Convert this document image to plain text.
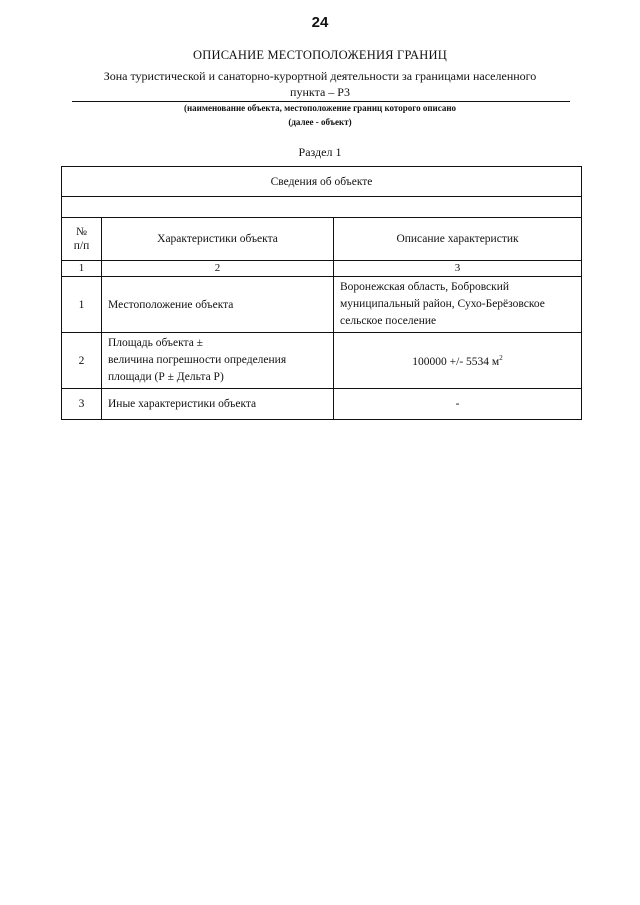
24
ОПИСАНИЕ МЕСТОПОЛОЖЕНИЯ ГРАНИЦ
Зона туристической и санаторно-курортной деятельности за границами населенного
пункта – Р3
(наименование объекта, местоположение границ которого описано
(далее - объект)
Раздел 1
Сведения об объекте		

№
п/п	Характеристики объекта	Описание характеристик
1	2	3
1	Местоположение объекта	Воронежская область, Бобровский
муниципальный район, Сухо-Берёзовское
сельское поселение

2	Площадь объекта ±
величина погрешности определения
площади (Р ± Дельта Р)	100000 +/- 5534 $м^2$
3	Иные характеристики объекта	-
